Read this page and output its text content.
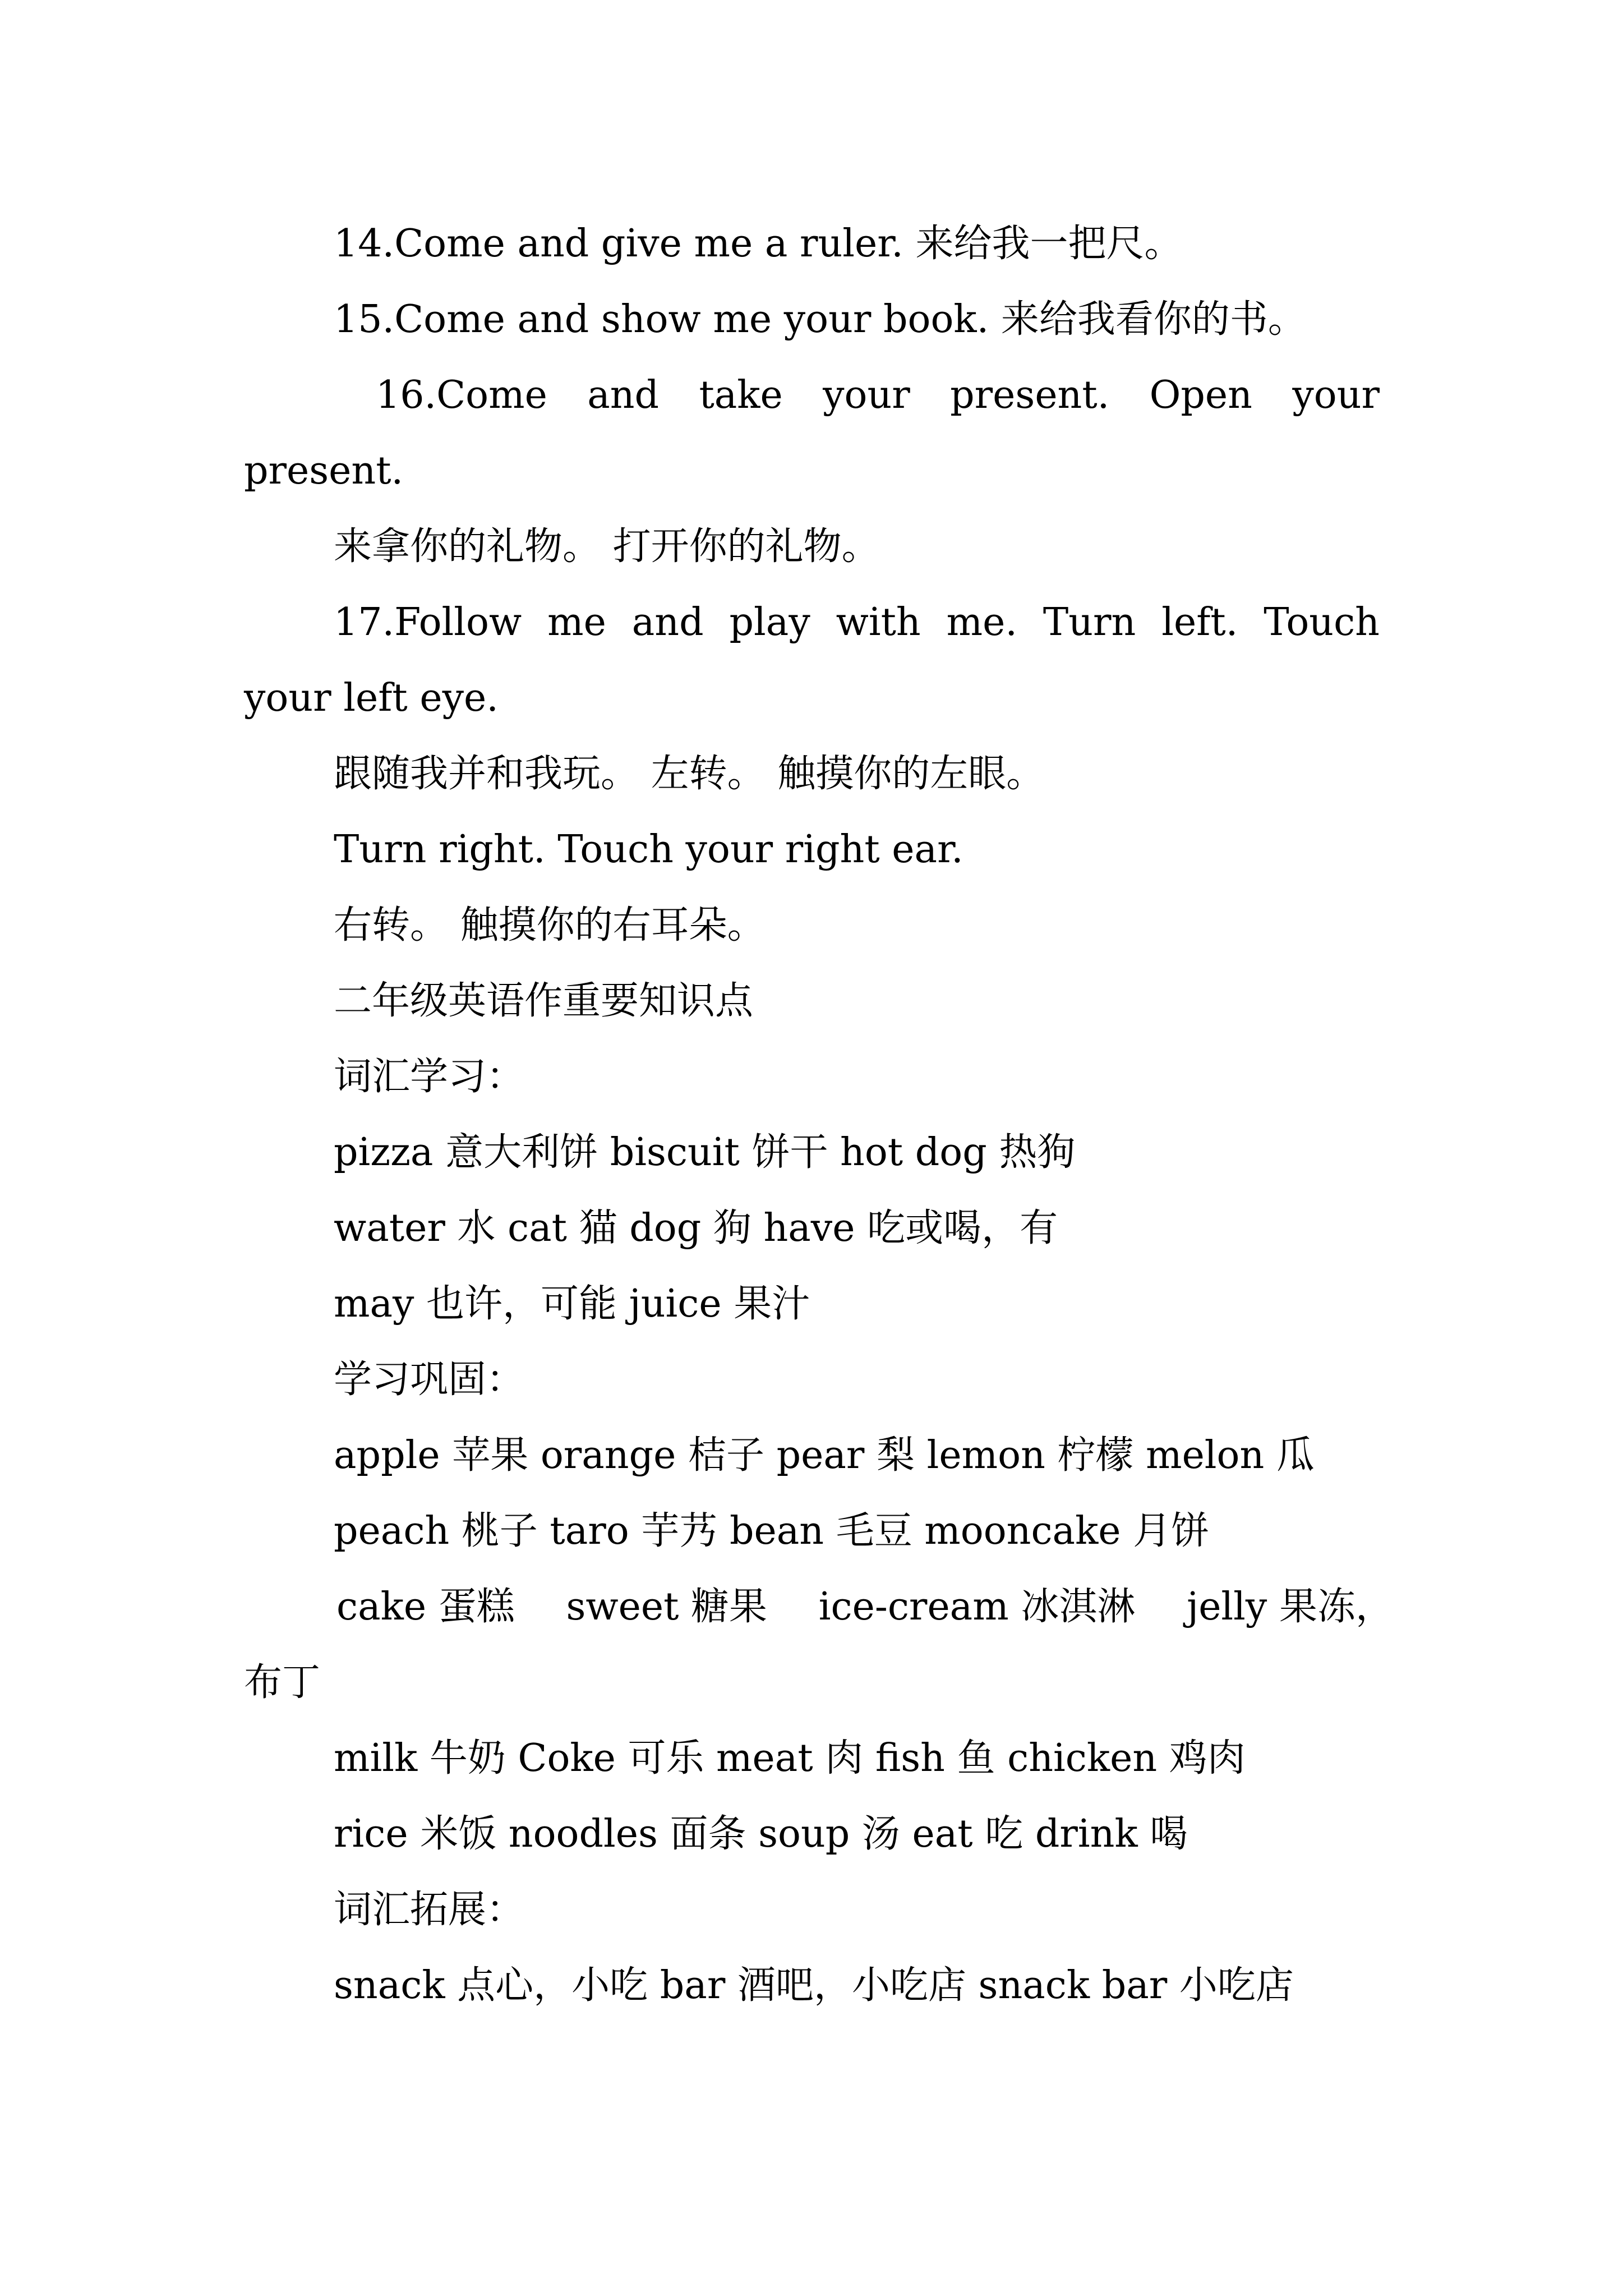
14.Come and give me a ruler. 来给我一把尺。
15.Come and show me your book. 来给我看你的书。
16.Come and take your present. Open your
present.
来拿你的礼物。 打开你的礼物。
17.Follow me and play with me. Turn left. Touch
your left eye.
跟随我并和我玩。 左转。 触摸你的左眼。
Turn right. Touch your right ear.
右转。 触摸你的右耳朵。
二年级英语作重要知识点
词汇学习：
pizza 意大利饼 biscuit 饼干 hot dog 热狗
water 水 cat 猫 dog 狗 have 吃或喝，有
may 也许，可能 juice 果汁
学习巩固：
apple 苹果 orange 桔子 pear 梨 lemon 柠檬 melon 瓜
peach 桃子 taro 芋艿 bean 毛豆 mooncake 月饼
cake 蛋糕 sweet 糖果 ice-cream 冰淇淋 jelly 果冻，
布丁
milk 牛奶 Coke 可乐 meat 肉 fish 鱼 chicken 鸡肉
rice 米饭 noodles 面条 soup 汤 eat 吃 drink 喝
词汇拓展：
snack 点心，小吃 bar 酒吧，小吃店 snack bar 小吃店
